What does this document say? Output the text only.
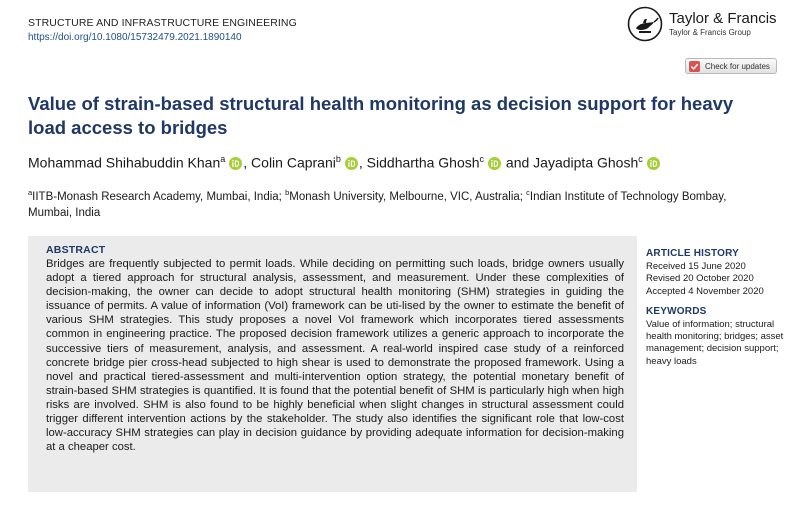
STRUCTURE AND INFRASTRUCTURE ENGINEERING
https://doi.org/10.1080/15732479.2021.1890140
Taylor & Francis
Taylor & Francis Group
Check for updates
Value of strain-based structural health monitoring as decision support for heavy load access to bridges
Mohammad Shihabuddin Khan$^a$ , Colin Caprani$^b$ , Siddhartha Ghosh$^c$ and Jayadipta Ghosh$^c$
$^a$IITB-Monash Research Academy, Mumbai, India; $^b$Monash University, Melbourne, VIC, Australia; $^c$Indian Institute of Technology Bombay, Mumbai, India
ABSTRACT

Bridges are frequently subjected to permit loads. While deciding on permitting such loads, bridge owners usually adopt a tiered approach for structural analysis, assessment, and measurement. Under these complexities of decision-making, the owner can decide to adopt structural health monitoring (SHM) strategies in guiding the issuance of permits. A value of information (VoI) framework can be uti-lised by the owner to estimate the benefit of various SHM strategies. This study proposes a novel VoI framework which incorporates tiered assessments common in engineering practice. The proposed decision framework utilizes a generic approach to incorporate the successive tiers of measurement, analysis, and assessment. A real-world inspired case study of a reinforced concrete bridge pier cross-head subjected to high shear is used to demonstrate the proposed framework. Using a novel and practical tiered-assessment and multi-intervention option strategy, the potential monetary benefit of strain-based SHM strategies is quantified. It is found that the potential benefit of SHM is particularly high when high risks are involved. SHM is also found to be highly beneficial when slight changes in structural assessment could trigger different intervention actions by the stakeholder. The study also identifies the significant role that low-cost low-accuracy SHM strategies can play in decision guidance by providing adequate information for decision-making at a cheaper cost.

ARTICLE HISTORY
Received 15 June 2020
Revised 20 October 2020
Accepted 4 November 2020
KEYWORDS
Value of information; structural health monitoring; bridges; asset management; decision support; heavy loads
